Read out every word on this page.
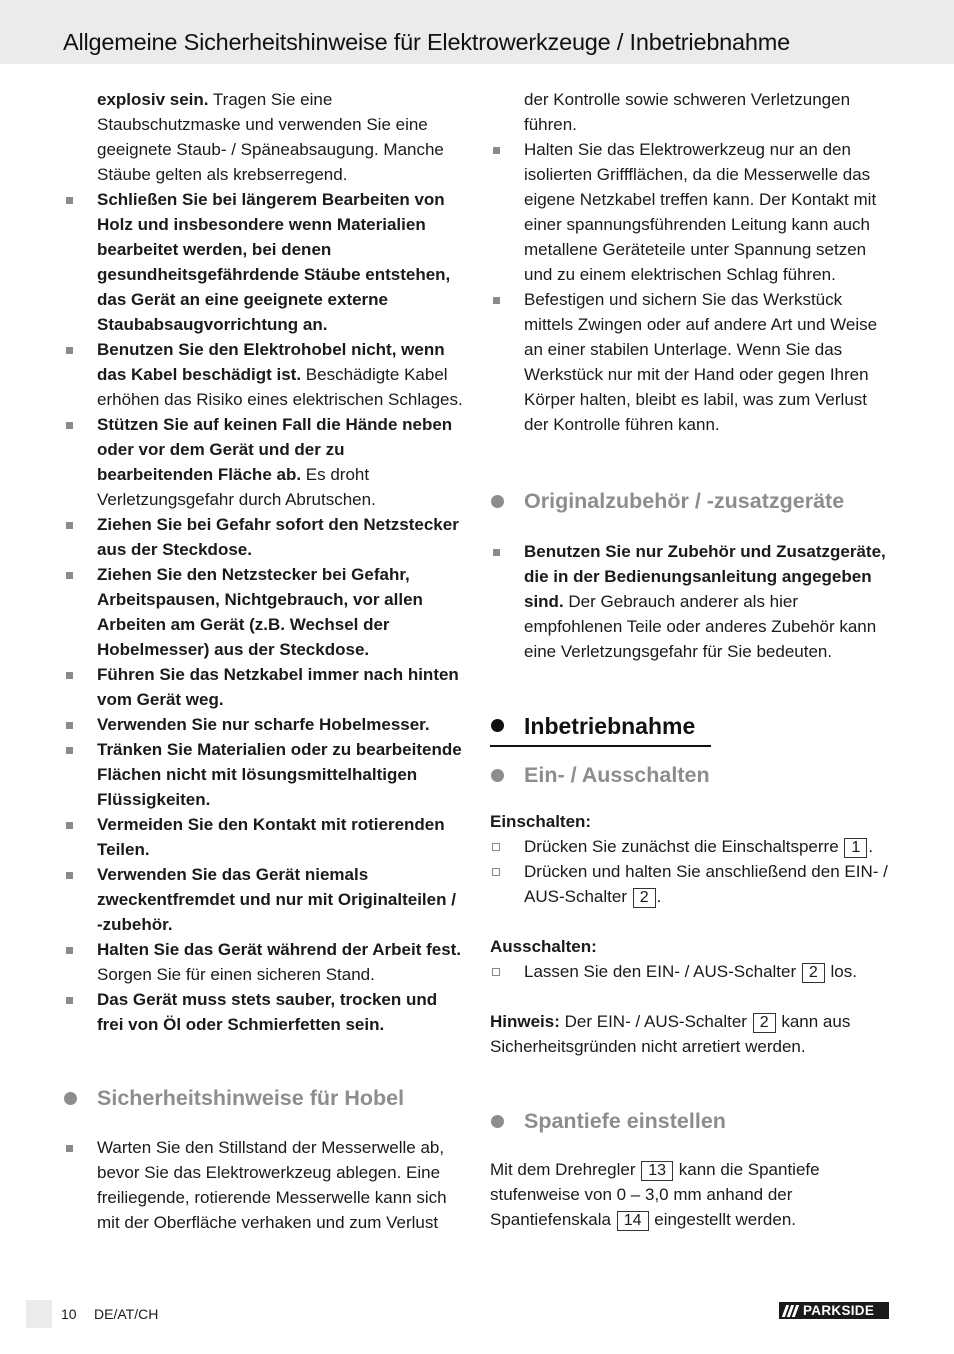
Allgemeine Sicherheitshinweise für Elektrowerkzeuge / Inbetriebnahme

explosiv sein. Tragen Sie eine Staubschutzmaske und verwenden Sie eine geeignete Staub- / Späneabsaugung. Manche Stäube gelten als krebserregend.

Schließen Sie bei längerem Bearbeiten von Holz und insbesondere wenn Materialien bearbeitet werden, bei denen gesundheitsgefährdende Stäube entstehen, das Gerät an eine geeignete externe Staubabsaugvorrichtung an.

Benutzen Sie den Elektrohobel nicht, wenn das Kabel beschädigt ist. Beschädigte Kabel erhöhen das Risiko eines elektrischen Schlages.

Stützen Sie auf keinen Fall die Hände neben oder vor dem Gerät und der zu bearbeitenden Fläche ab. Es droht Verletzungsgefahr durch Abrutschen.

Ziehen Sie bei Gefahr sofort den Netzstecker aus der Steckdose.

Ziehen Sie den Netzstecker bei Gefahr, Arbeitspausen, Nichtgebrauch, vor allen Arbeiten am Gerät (z.B. Wechsel der Hobelmesser) aus der Steckdose.

Führen Sie das Netzkabel immer nach hinten vom Gerät weg.

Verwenden Sie nur scharfe Hobelmesser.

Tränken Sie Materialien oder zu bearbeitende Flächen nicht mit lösungsmittelhaltigen Flüssigkeiten.

Vermeiden Sie den Kontakt mit rotierenden Teilen.

Verwenden Sie das Gerät niemals zweckentfremdet und nur mit Originalteilen / -zubehör.

Halten Sie das Gerät während der Arbeit fest. Sorgen Sie für einen sicheren Stand.

Das Gerät muss stets sauber, trocken und frei von Öl oder Schmierfetten sein.

Sicherheitshinweise für Hobel

Warten Sie den Stillstand der Messerwelle ab, bevor Sie das Elektrowerkzeug ablegen. Eine freiliegende, rotierende Messerwelle kann sich mit der Oberfläche verhaken und zum Verlust

der Kontrolle sowie schweren Verletzungen führen.

Halten Sie das Elektrowerkzeug nur an den isolierten Griffflächen, da die Messerwelle das eigene Netzkabel treffen kann. Der Kontakt mit einer spannungsführenden Leitung kann auch metallene Geräteteile unter Spannung setzen und zu einem elektrischen Schlag führen.

Befestigen und sichern Sie das Werkstück mittels Zwingen oder auf andere Art und Weise an einer stabilen Unterlage. Wenn Sie das Werkstück nur mit der Hand oder gegen Ihren Körper halten, bleibt es labil, was zum Verlust der Kontrolle führen kann.

Originalzubehör / -zusatzgeräte

Benutzen Sie nur Zubehör und Zusatzgeräte, die in der Bedienungsanleitung angegeben sind. Der Gebrauch anderer als hier empfohlenen Teile oder anderes Zubehör kann eine Verletzungsgefahr für Sie bedeuten.

Inbetriebnahme
Ein- / Ausschalten

Einschalten:

Drücken Sie zunächst die Einschaltsperre 1 .

Drücken und halten Sie anschließend den EIN- / AUS-Schalter 2 .

Ausschalten:

Lassen Sie den EIN- / AUS-Schalter 2 los.

Hinweis: Der EIN- / AUS-Schalter 2 kann aus Sicherheitsgründen nicht arretiert werden.

Spantiefe einstellen

Mit dem Drehregler 13 kann die Spantiefe stufenweise von 0 – 3,0 mm anhand der Spantiefenskala 14 eingestellt werden.

10 DE/AT/CH	PARKSIDE
